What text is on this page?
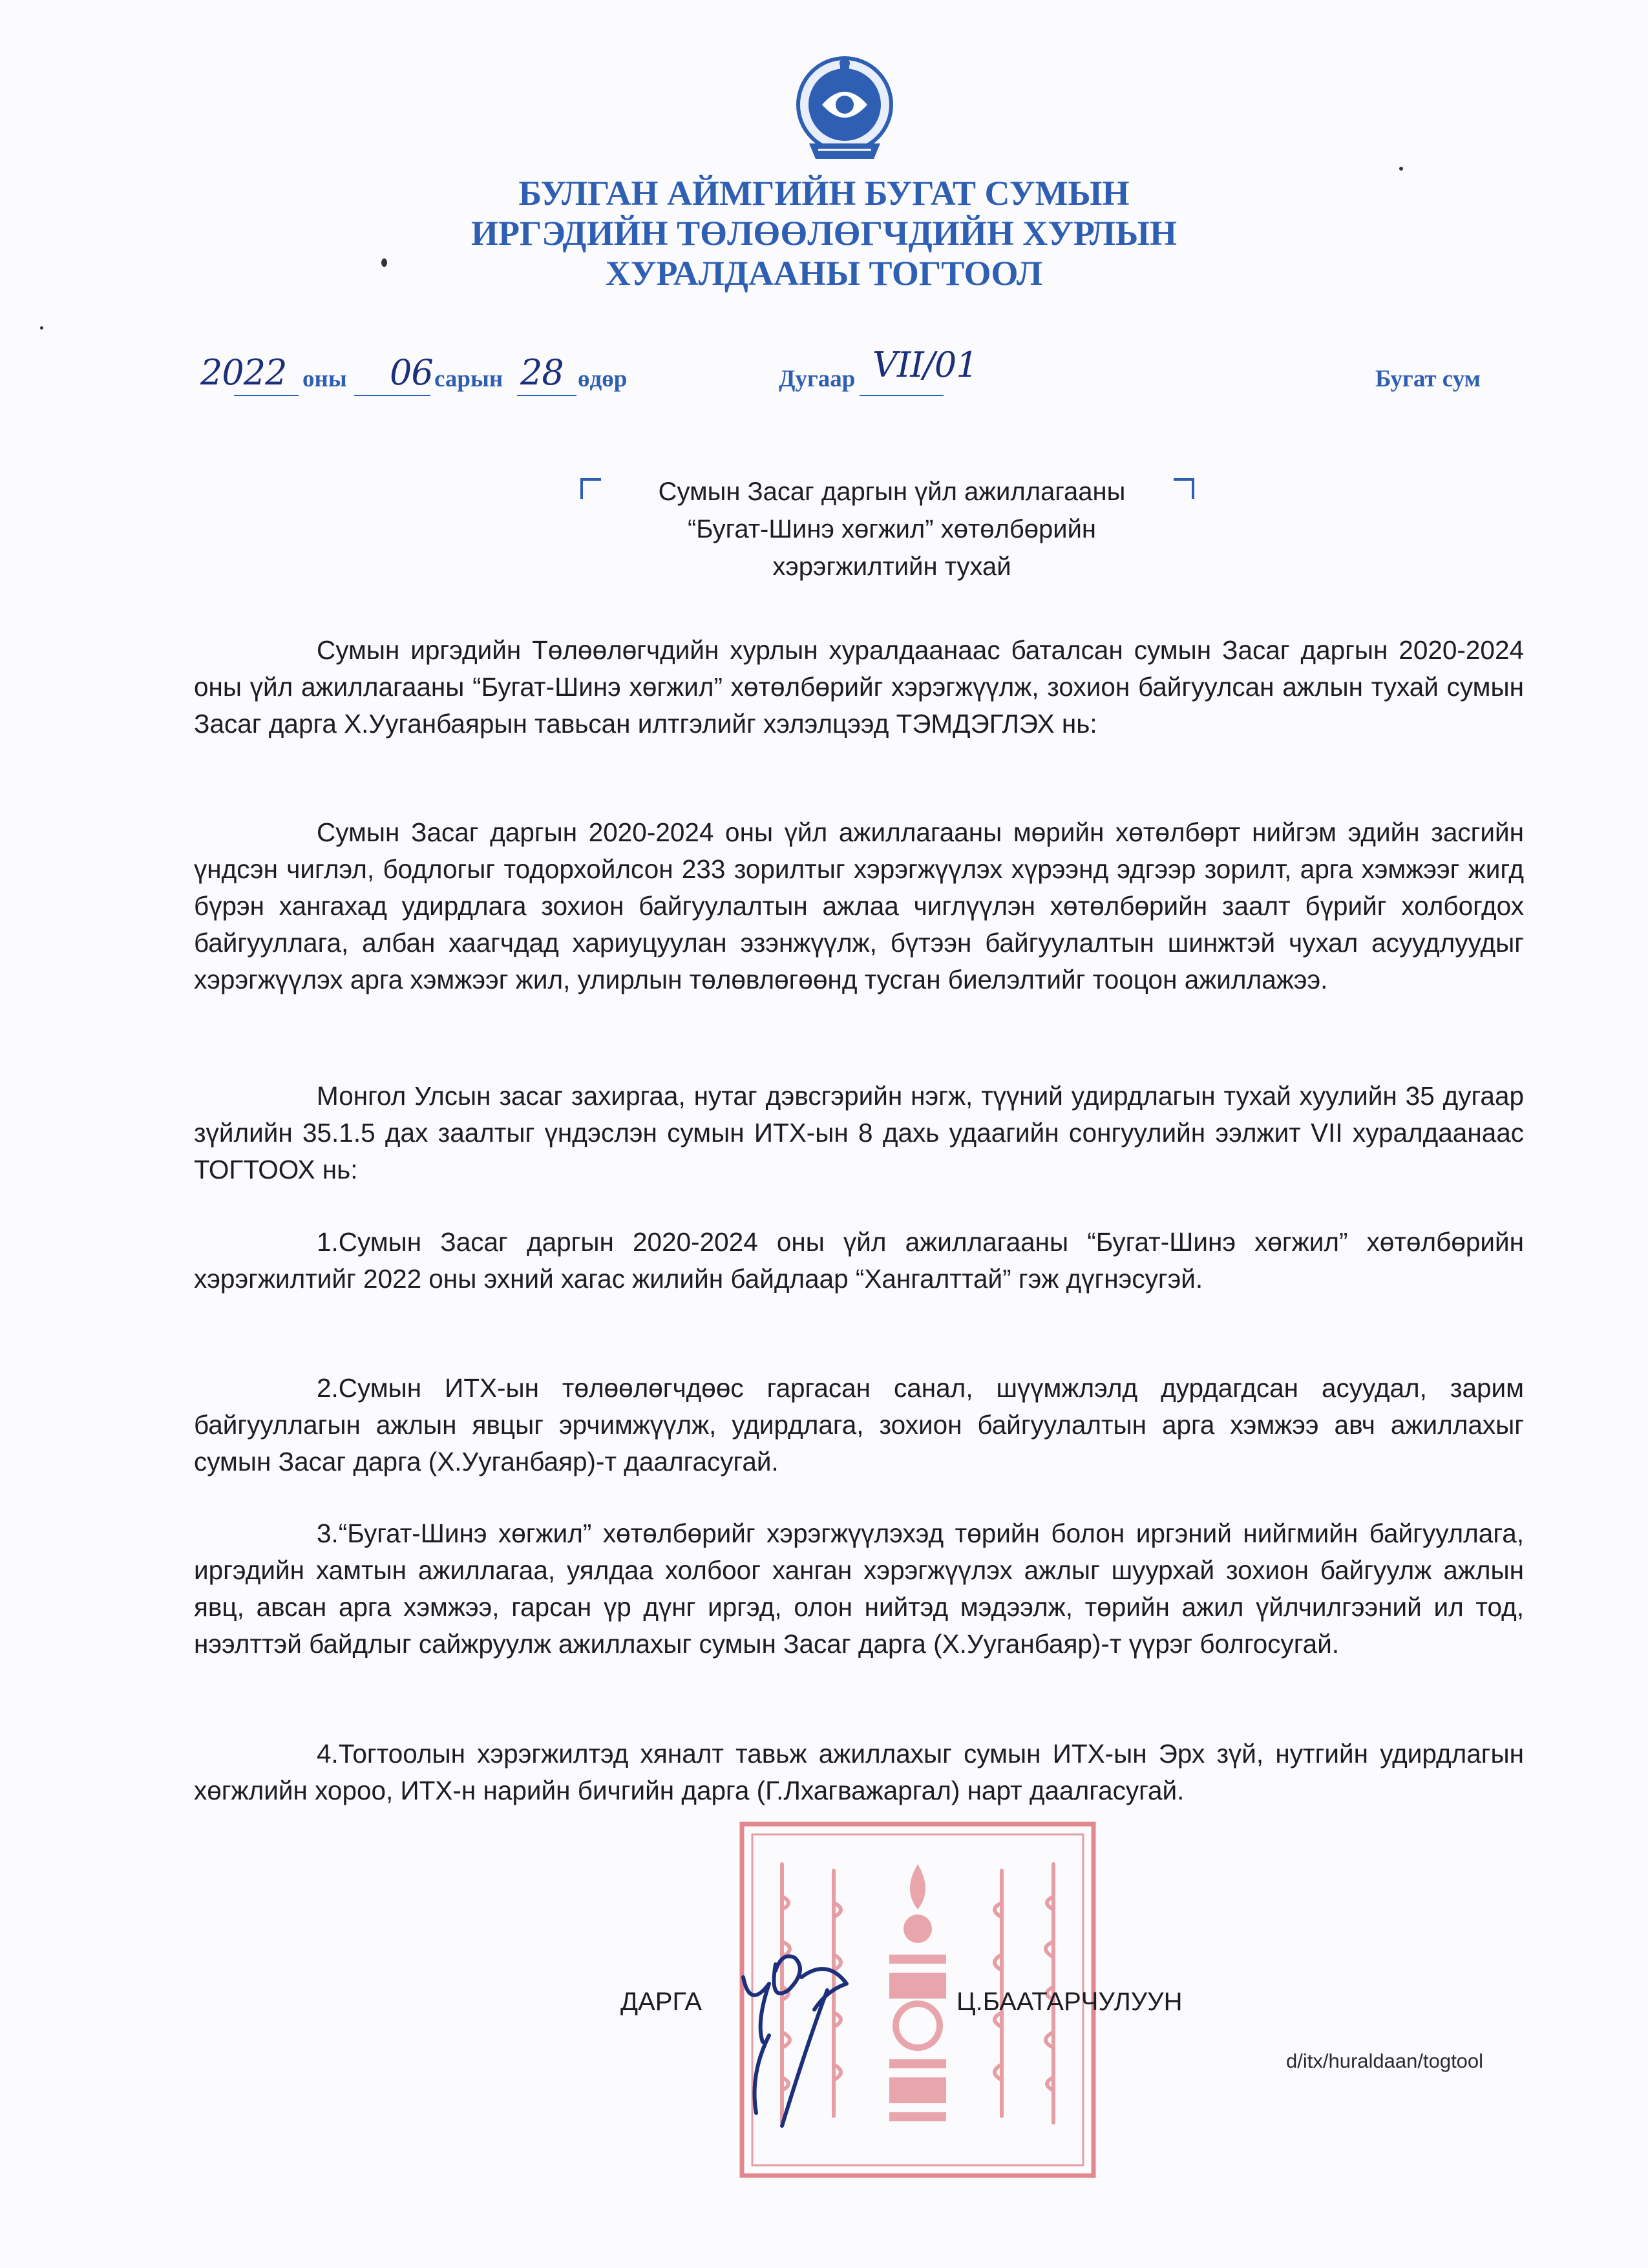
БУЛГАН АЙМГИЙН БУГАТ СУМЫН
ИРГЭДИЙН ТӨЛӨӨЛӨГЧДИЙН ХУРЛЫН
ХУРАЛДААНЫ ТОГТООЛ
2022 оны 06 сарын 28 өдөр	Дугаар VII/01	Бугат сум
Сумын Засаг даргын үйл ажиллагааны
“Бугат-Шинэ хөгжил” хөтөлбөрийн
хэрэгжилтийн тухай

Сумын иргэдийн Төлөөлөгчдийн хурлын хуралдаанаас баталсан сумын Засаг даргын 2020-2024 оны үйл ажиллагааны “Бугат-Шинэ хөгжил” хөтөлбөрийг хэрэгжүүлж, зохион байгуулсан ажлын тухай сумын Засаг дарга Х.Ууганбаярын тавьсан илтгэлийг хэлэлцээд ТЭМДЭГЛЭХ нь:

Сумын Засаг даргын 2020-2024 оны үйл ажиллагааны мөрийн хөтөлбөрт нийгэм эдийн засгийн үндсэн чиглэл, бодлогыг тодорхойлсон 233 зорилтыг хэрэгжүүлэх хүрээнд эдгээр зорилт, арга хэмжээг жигд бүрэн хангахад удирдлага зохион байгуулалтын ажлаа чиглүүлэн хөтөлбөрийн заалт бүрийг холбогдох байгууллага, албан хаагчдад хариуцуулан эзэнжүүлж, бүтээн байгуулалтын шинжтэй чухал асуудлуудыг хэрэгжүүлэх арга хэмжээг жил, улирлын төлөвлөгөөнд тусган биелэлтийг тооцон ажиллажээ.

Монгол Улсын засаг захиргаа, нутаг дэвсгэрийн нэгж, түүний удирдлагын тухай хуулийн 35 дугаар зүйлийн 35.1.5 дах заалтыг үндэслэн сумын ИТХ-ын 8 дахь удаагийн сонгуулийн ээлжит VII хуралдаанаас ТОГТООХ нь:

1.Сумын Засаг даргын 2020-2024 оны үйл ажиллагааны “Бугат-Шинэ хөгжил” хөтөлбөрийн хэрэгжилтийг 2022 оны эхний хагас жилийн байдлаар “Хангалттай” гэж дүгнэсугэй.

2.Сумын ИТХ-ын төлөөлөгчдөөс гаргасан санал, шүүмжлэлд дурдагдсан асуудал, зарим байгууллагын ажлын явцыг эрчимжүүлж, удирдлага, зохион байгуулалтын арга хэмжээ авч ажиллахыг сумын Засаг дарга (Х.Ууганбаяр)-т даалгасугай.

3.“Бугат-Шинэ хөгжил” хөтөлбөрийг хэрэгжүүлэхэд төрийн болон иргэний нийгмийн байгууллага, иргэдийн хамтын ажиллагаа, уялдаа холбоог ханган хэрэгжүүлэх ажлыг шуурхай зохион байгуулж ажлын явц, авсан арга хэмжээ, гарсан үр дүнг иргэд, олон нийтэд мэдээлж, төрийн ажил үйлчилгээний ил тод, нээлттэй байдлыг сайжруулж ажиллахыг сумын Засаг дарга (Х.Ууганбаяр)-т үүрэг болгосугай.

4.Тогтоолын хэрэгжилтэд хяналт тавьж ажиллахыг сумын ИТХ-ын Эрх зүй, нутгийн удирдлагын хөгжлийн хороо, ИТХ-н нарийн бичгийн дарга (Г.Лхагважаргал) нарт даалгасугай.

ДАРГА	Ц.БААТАРЧУЛУУН
d/itx/huraldaan/togtool
